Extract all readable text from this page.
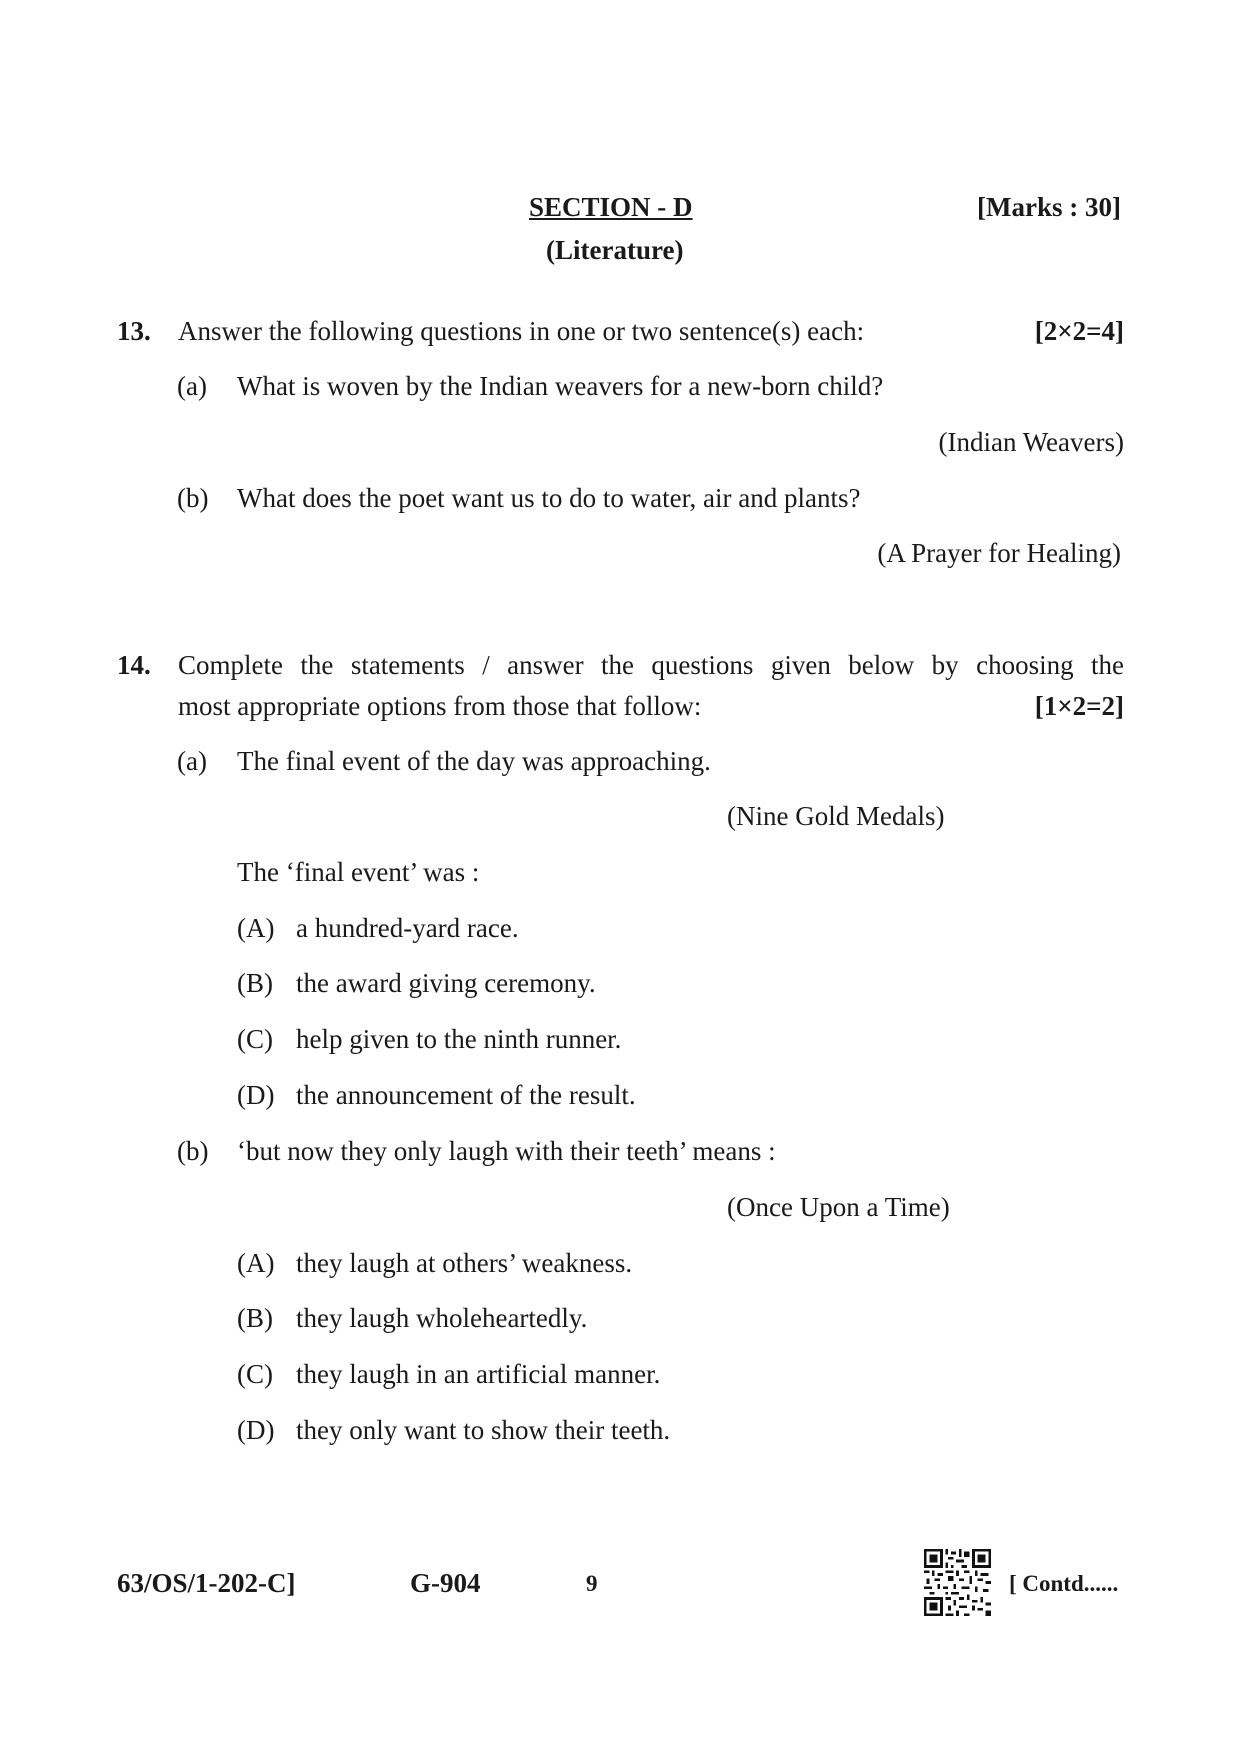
SECTION - D	[Marks : 30]
(Literature)
13. Answer the following questions in one or two sentence(s) each:	[2×2=4]
(a) What is woven by the Indian weavers for a new-born child?
(Indian Weavers)
(b) What does the poet want us to do to water, air and plants?
(A Prayer for Healing)
14. Complete the statements / answer the questions given below by choosing the
most appropriate options from those that follow:	[1×2=2]
(a) The final event of the day was approaching.
(Nine Gold Medals)
The ‘final event’ was :
(A) a hundred-yard race.
(B) the award giving ceremony.
(C) help given to the ninth runner.
(D) the announcement of the result.
(b) ‘but now they only laugh with their teeth’ means :
(Once Upon a Time)
(A) they laugh at others’ weakness.
(B) they laugh wholeheartedly.
(C) they laugh in an artificial manner.
(D) they only want to show their teeth.
63/OS/1-202-C]	G-904	9	[ Contd......
